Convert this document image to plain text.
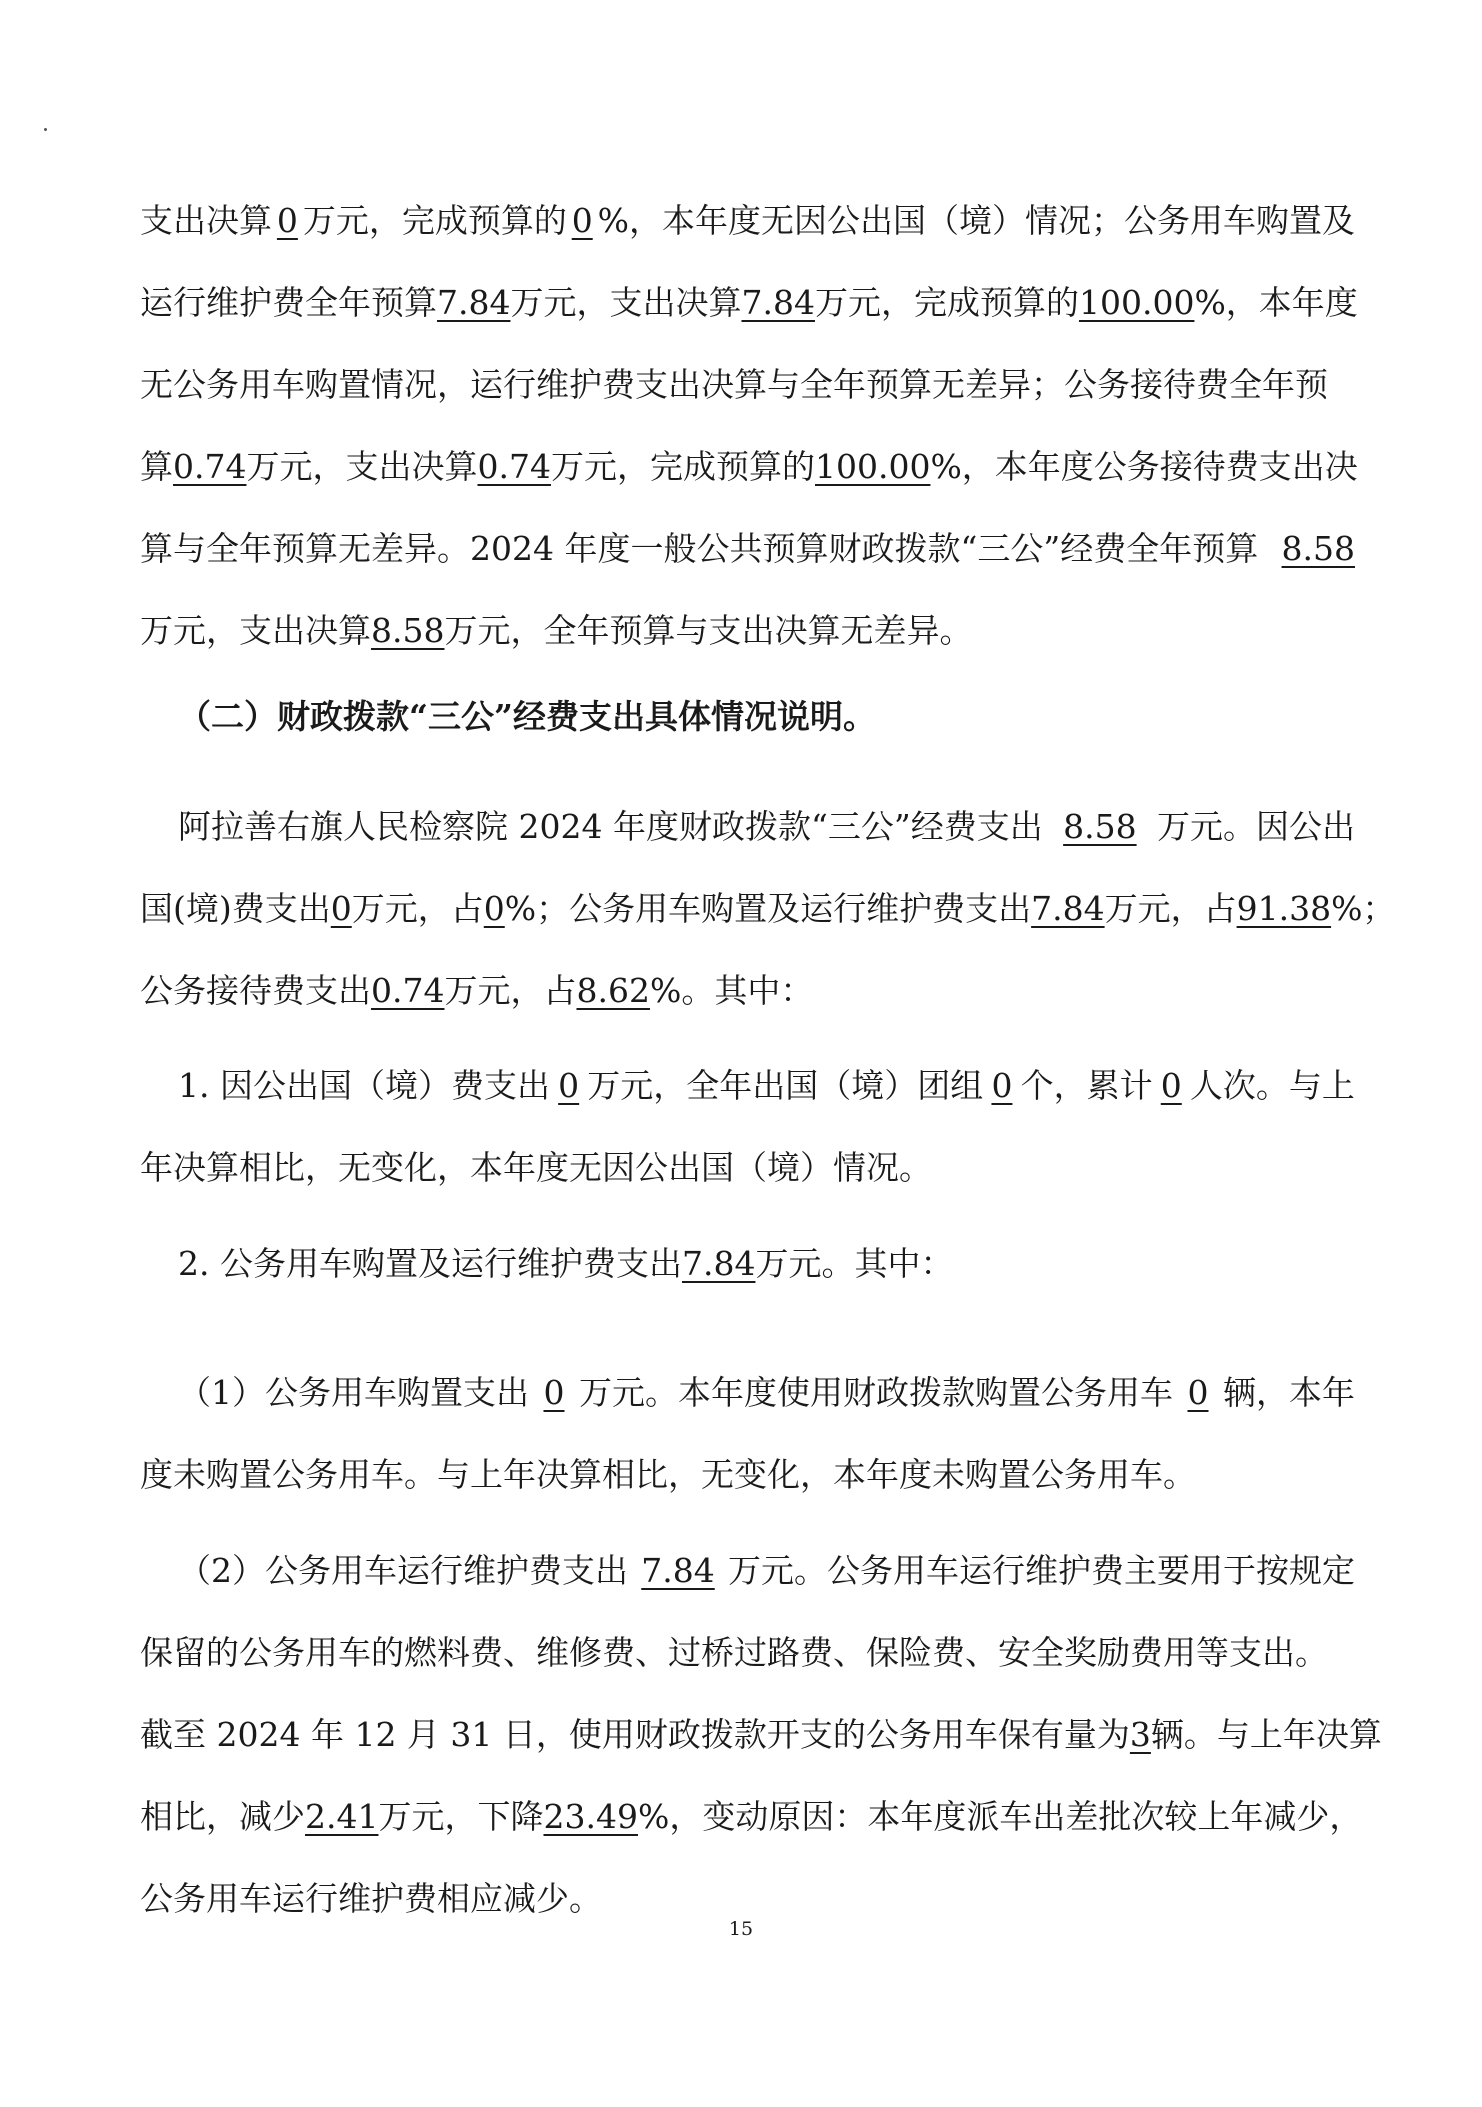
支出决算 0 万元，完成预算的 0 %，本年度无因公出国（境）情况；公务用车购置及
运行维护费全年预算 7.84 万元，支出决算 7.84 万元，完成预算的 100.00 %，本年度
无公务用车购置情况，运行维护费支出决算与全年预算无差异；公务接待费全年预
算 0.74 万元，支出决算 0.74 万元，完成预算的 100.00 %，本年度公务接待费支出决
算与全年预算无差异。2024 年度一般公共预算财政拨款“三公”经费全年预算 8.58
万元，支出决算 8.58 万元，全年预算与支出决算无差异。
（二）财政拨款“三公”经费支出具体情况说明。
阿拉善右旗人民检察院 2024 年度财政拨款“三公”经费支出 8.58 万元。因公出
国(境)费支出 0 万元，占 0 %；公务用车购置及运行维护费支出 7.84 万元，占 91.38 %；
公务接待费支出 0.74 万元，占 8.62 %。其中：
1. 因公出国（境）费支出 0 万元，全年出国（境）团组 0 个，累计 0 人次。与上
年决算相比，无变化，本年度无因公出国（境）情况。
2. 公务用车购置及运行维护费支出 7.84 万元。其中：
（1）公务用车购置支出 0 万元。本年度使用财政拨款购置公务用车 0 辆，本年
度未购置公务用车。与上年决算相比，无变化，本年度未购置公务用车。
（2）公务用车运行维护费支出 7.84 万元。公务用车运行维护费主要用于按规定
保留的公务用车的燃料费、维修费、过桥过路费、保险费、安全奖励费用等支出。
截至 2024 年 12 月 31 日，使用财政拨款开支的公务用车保有量为 3 辆。与上年决算
相比，减少 2.41 万元，下降 23.49 %，变动原因：本年度派车出差批次较上年减少，
公务用车运行维护费相应减少。
15
